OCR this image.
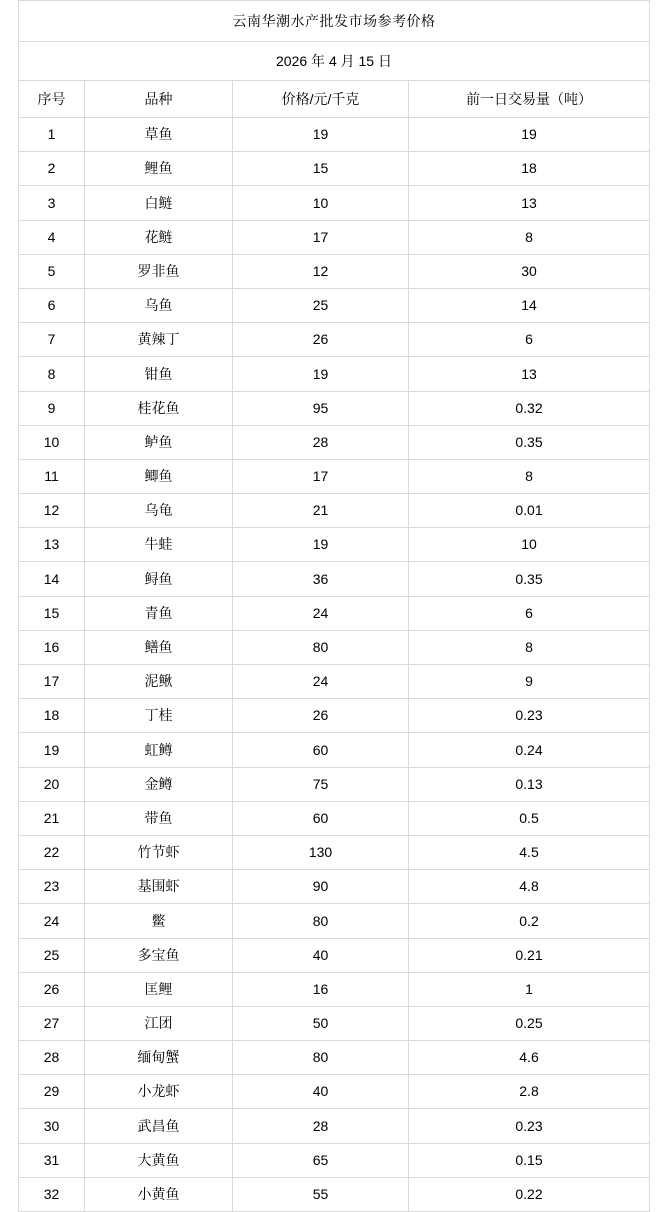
云南华潮水产批发市场参考价格			
2026 年 4 月 15 日			
序号	品种	价格/元/千克	前一日交易量（吨）
1	草鱼	19	19
2	鲤鱼	15	18
3	白鲢	10	13
4	花鲢	17	8
5	罗非鱼	12	30
6	乌鱼	25	14
7	黄辣丁	26	6
8	钳鱼	19	13
9	桂花鱼	95	0.32
10	鲈鱼	28	0.35
11	鲫鱼	17	8
12	乌龟	21	0.01
13	牛蛙	19	10
14	鲟鱼	36	0.35
15	青鱼	24	6
16	鳝鱼	80	8
17	泥鳅	24	9
18	丁桂	26	0.23
19	虹鳟	60	0.24
20	金鳟	75	0.13
21	带鱼	60	0.5
22	竹节虾	130	4.5
23	基围虾	90	4.8
24	鳖	80	0.2
25	多宝鱼	40	0.21
26	匡鲤	16	1
27	江团	50	0.25
28	缅甸蟹	80	4.6
29	小龙虾	40	2.8
30	武昌鱼	28	0.23
31	大黄鱼	65	0.15
32	小黄鱼	55	0.22
